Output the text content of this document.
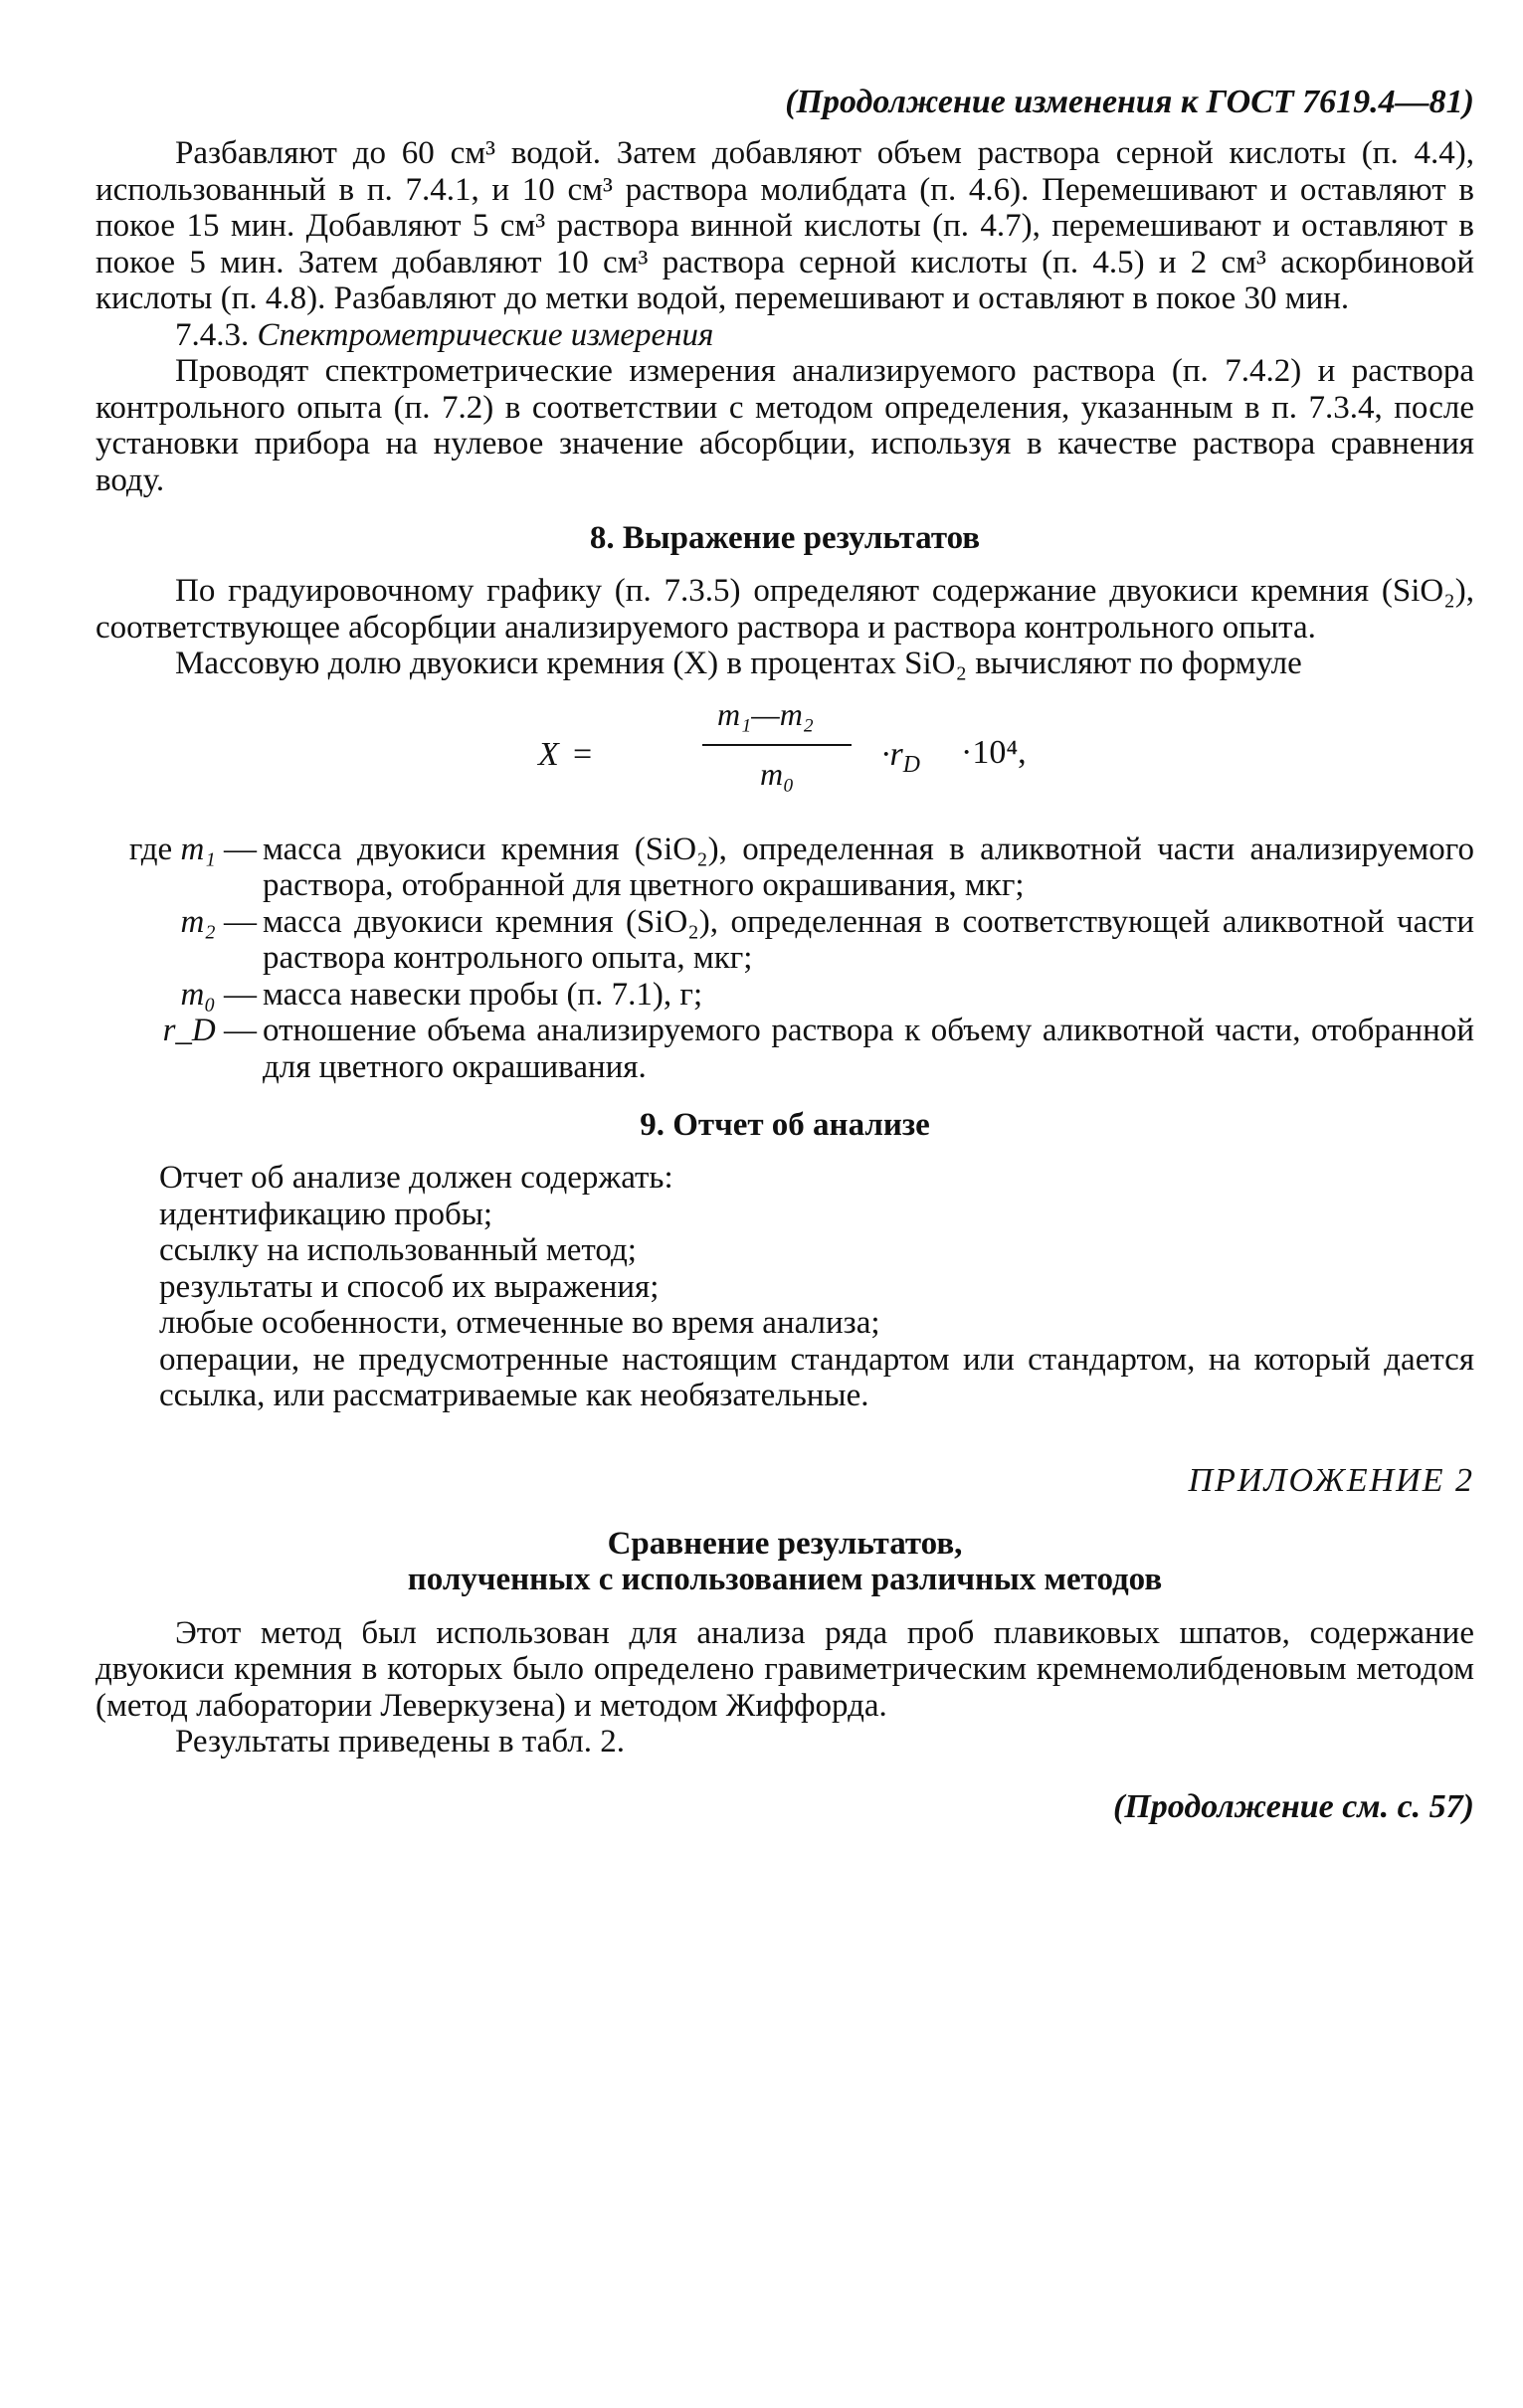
(Продолжение изменения к ГОСТ 7619.4—81)

Разбавляют до 60 см³ водой. Затем добавляют объем раствора серной кислоты (п. 4.4), использованный в п. 7.4.1, и 10 см³ раствора молибдата (п. 4.6). Перемешивают и оставляют в покое 15 мин. Добавляют 5 см³ раствора винной кислоты (п. 4.7), перемешивают и оставляют в покое 5 мин. Затем добавляют 10 см³ раствора серной кислоты (п. 4.5) и 2 см³ аскорбиновой кислоты (п. 4.8). Разбавляют до метки водой, перемешивают и оставляют в покое 30 мин.

7.4.3. Спектрометрические измерения

Проводят спектрометрические измерения анализируемого раствора (п. 7.4.2) и раствора контрольного опыта (п. 7.2) в соответствии с методом определения, указанным в п. 7.3.4, после установки прибора на нулевое значение абсорбции, используя в качестве раствора сравнения воду.

8. Выражение результатов

По градуировочному графику (п. 7.3.5) определяют содержание двуокиси кремния (SiO₂), соответствующее абсорбции анализируемого раствора и раствора контрольного опыта.

Массовую долю двуокиси кремния (X) в процентах SiO₂ вычисляют по формуле

X =
m₁—m₂
m₀
$\cdot r_D \cdot 10^4$,
где m₁ — масса двуокиси кремния (SiO₂), определенная в аликвотной части анализируемого раствора, отобранной для цветного окрашивания, мкг;
m₂ — масса двуокиси кремния (SiO₂), определенная в соответствующей аликвотной части раствора контрольного опыта, мкг;
m₀ — масса навески пробы (п. 7.1), г;
r_D — отношение объема анализируемого раствора к объему аликвотной части, отобранной для цветного окрашивания.

9. Отчет об анализе

Отчет об анализе должен содержать:

идентификацию пробы;

ссылку на использованный метод;

результаты и способ их выражения;

любые особенности, отмеченные во время анализа;

операции, не предусмотренные настоящим стандартом или стандартом, на который дается ссылка, или рассматриваемые как необязательные.

ПРИЛОЖЕНИЕ 2

Сравнение результатов,
полученных с использованием различных методов

Этот метод был использован для анализа ряда проб плавиковых шпатов, содержание двуокиси кремния в которых было определено гравиметрическим кремнемолибденовым методом (метод лаборатории Леверкузена) и методом Жиффорда.

Результаты приведены в табл. 2.

(Продолжение см. с. 57)
